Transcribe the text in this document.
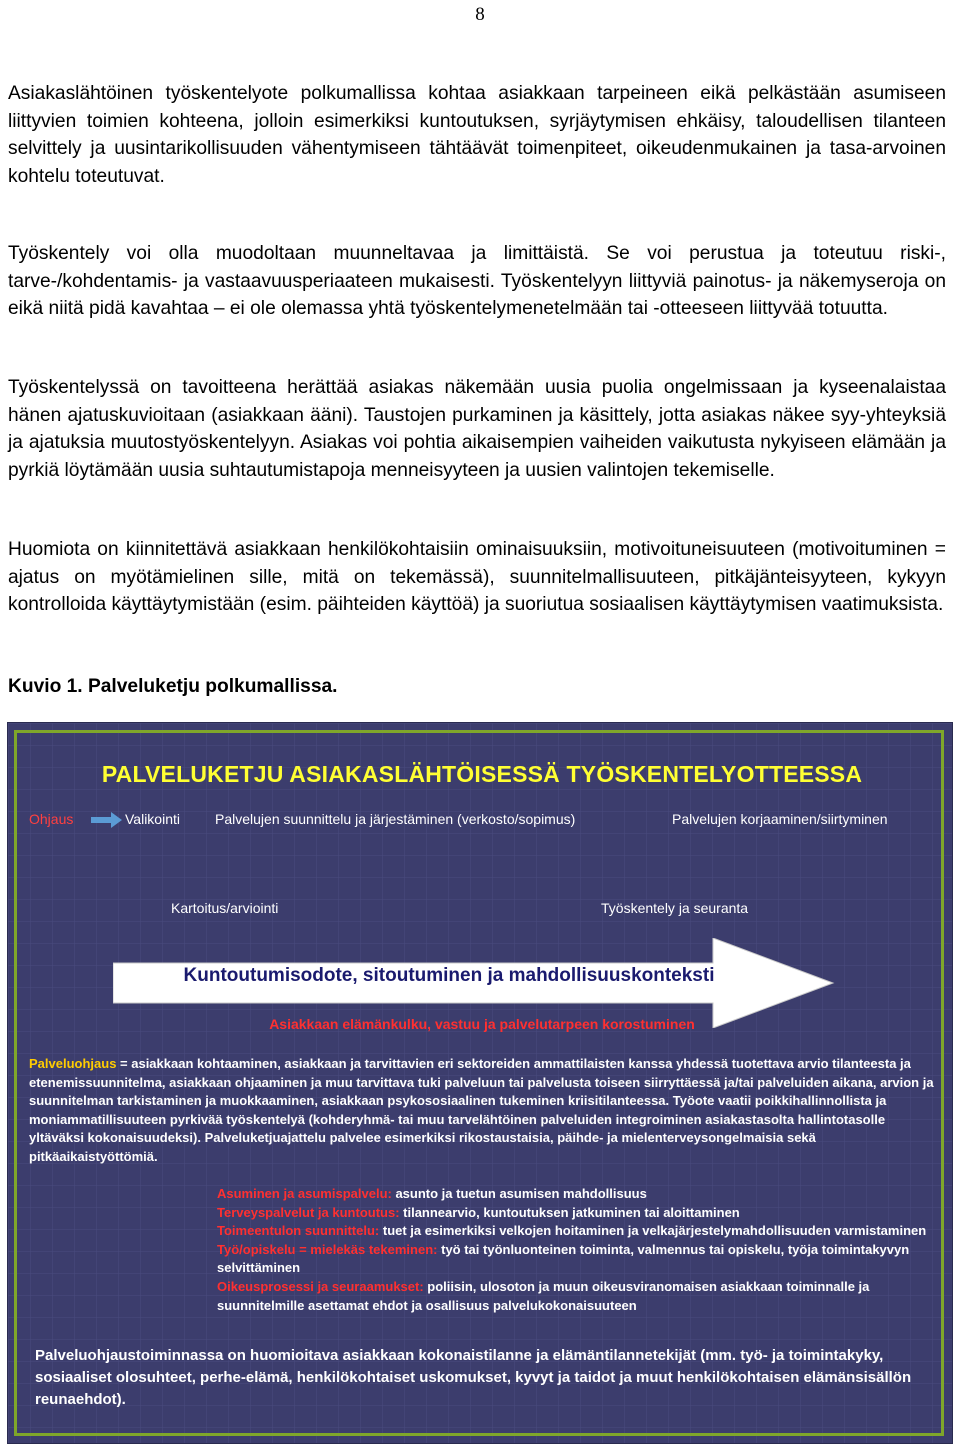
8

Asiakaslähtöinen työskentelyote polkumallissa kohtaa asiakkaan tarpeineen eikä pelkästään asumiseen liittyvien toimien kohteena, jolloin esimerkiksi kuntoutuksen, syrjäytymisen ehkäisy, taloudellisen tilanteen selvittely ja uusintarikollisuuden vähentymiseen tähtäävät toimenpiteet, oikeudenmukainen ja tasa-arvoinen kohtelu toteutuvat.

Työskentely voi olla muodoltaan muunneltavaa ja limittäistä. Se voi perustua ja toteutuu riski-, tarve-/kohdentamis- ja vastaavuusperiaateen mukaisesti. Työskentelyyn liittyviä painotus- ja näkemyseroja on eikä niitä pidä kavahtaa – ei ole olemassa yhtä työskentelymenetelmään tai -otteeseen liittyvää totuutta.

Työskentelyssä on tavoitteena herättää asiakas näkemään uusia puolia ongelmissaan ja kyseenalaistaa hänen ajatuskuvioitaan (asiakkaan ääni). Taustojen purkaminen ja käsittely, jotta asiakas näkee syy-yhteyksiä ja ajatuksia muutostyöskentelyyn. Asiakas voi pohtia aikaisempien vaiheiden vaikutusta nykyiseen elämään ja pyrkiä löytämään uusia suhtautumistapoja menneisyyteen ja uusien valintojen tekemiselle.

Huomiota on kiinnitettävä asiakkaan henkilökohtaisiin ominaisuuksiin, motivoituneisuuteen (motivoituminen = ajatus on myötämielinen sille, mitä on tekemässä), suunnitelmallisuuteen, pitkäjänteisyyteen, kykyyn kontrolloida käyttäytymistään (esim. päihteiden käyttöä) ja suoriutua sosiaalisen käyttäytymisen vaatimuksista.

Kuvio 1. Palveluketju polkumallissa.
PALVELUKETJU ASIAKASLÄHTÖISESSÄ TYÖSKENTELYOTTEESSA
Ohjaus	Valikointi	Palvelujen suunnittelu ja järjestäminen (verkosto/sopimus)	Palvelujen korjaaminen/siirtyminen
Kartoitus/arviointi	Työskentely ja seuranta
Kuntoutumisodote, sitoutuminen ja mahdollisuuskonteksti
Asiakkaan elämänkulku, vastuu ja palvelutarpeen korostuminen
Palveluohjaus = asiakkaan kohtaaminen, asiakkaan ja tarvittavien eri sektoreiden ammattilaisten kanssa yhdessä tuotettava arvio tilanteesta ja etenemissuunnitelma, asiakkaan ohjaaminen ja muu tarvittava tuki palveluun tai palvelusta toiseen siirryttäessä ja/tai palveluiden aikana, arvion ja suunnitelman tarkistaminen ja muokkaaminen, asiakkaan psykososiaalinen tukeminen kriisitilanteessa. Työote vaatii poikkihallinnollista ja moniammatillisuuteen pyrkivää työskentelyä (kohderyhmä- tai muu tarvelähtöinen palveluiden integroiminen asiakastasolta hallintotasolle yltäväksi kokonaisuudeksi). Palveluketjuajattelu palvelee esimerkiksi rikostaustaisia, päihde- ja mielenterveysongelmaisia sekä pitkäaikaistyöttömiä.
Asuminen ja asumispalvelu: asunto ja tuetun asumisen mahdollisuus
Terveyspalvelut ja kuntoutus: tilannearvio, kuntoutuksen jatkuminen tai aloittaminen
Toimeentulon suunnittelu: tuet ja esimerkiksi velkojen hoitaminen ja velkajärjestelymahdollisuuden varmistaminen
Työ/opiskelu = mielekäs tekeminen: työ tai työnluonteinen toiminta, valmennus tai opiskelu, työja toimintakyvyn selvittäminen
Oikeusprosessi ja seuraamukset: poliisin, ulosoton ja muun oikeusviranomaisen asiakkaan toiminnalle ja suunnitelmille asettamat ehdot ja osallisuus palvelukokonaisuuteen
Palveluohjaustoiminnassa on huomioitava asiakkaan kokonaistilanne ja elämäntilannetekijät (mm. työ- ja toimintakyky, sosiaaliset olosuhteet, perhe-elämä, henkilökohtaiset uskomukset, kyvyt ja taidot ja muut henkilökohtaisen elämänsisällön reunaehdot).
